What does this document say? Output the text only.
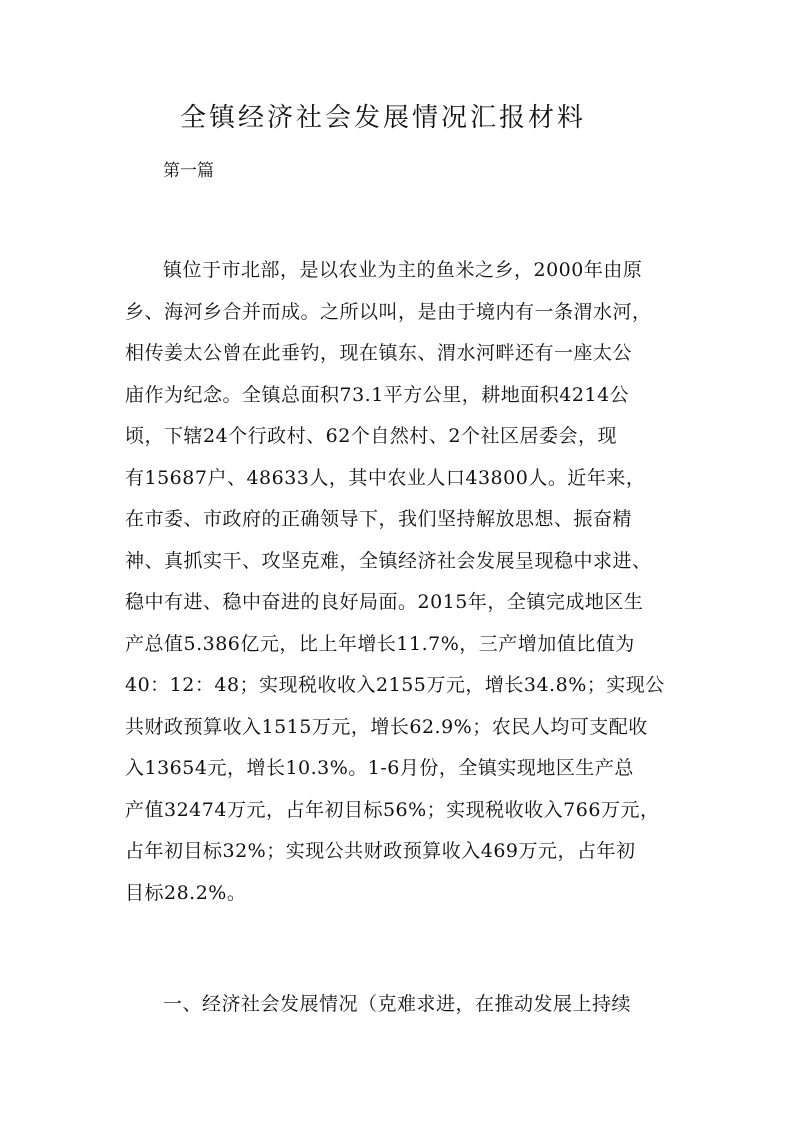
全镇经济社会发展情况汇报材料

第一篇

镇位于市北部，是以农业为主的鱼米之乡，2000年由原
乡、海河乡合并而成。之所以叫，是由于境内有一条渭水河，
相传姜太公曾在此垂钓，现在镇东、渭水河畔还有一座太公
庙作为纪念。全镇总面积73.1平方公里，耕地面积4214公
顷，下辖24个行政村、62个自然村、2个社区居委会，现
有15687户、48633人，其中农业人口43800人。近年来，
在市委、市政府的正确领导下，我们坚持解放思想、振奋精
神、真抓实干、攻坚克难，全镇经济社会发展呈现稳中求进、
稳中有进、稳中奋进的良好局面。2015年，全镇完成地区生
产总值5.386亿元，比上年增长11.7%，三产增加值比值为
40：12：48；实现税收收入2155万元，增长34.8%；实现公
共财政预算收入1515万元，增长62.9%；农民人均可支配收
入13654元，增长10.3%。1-6月份，全镇实现地区生产总
产值32474万元，占年初目标56%；实现税收收入766万元，
占年初目标32%；实现公共财政预算收入469万元，占年初
目标28.2%。
一、经济社会发展情况（克难求进，在推动发展上持续
